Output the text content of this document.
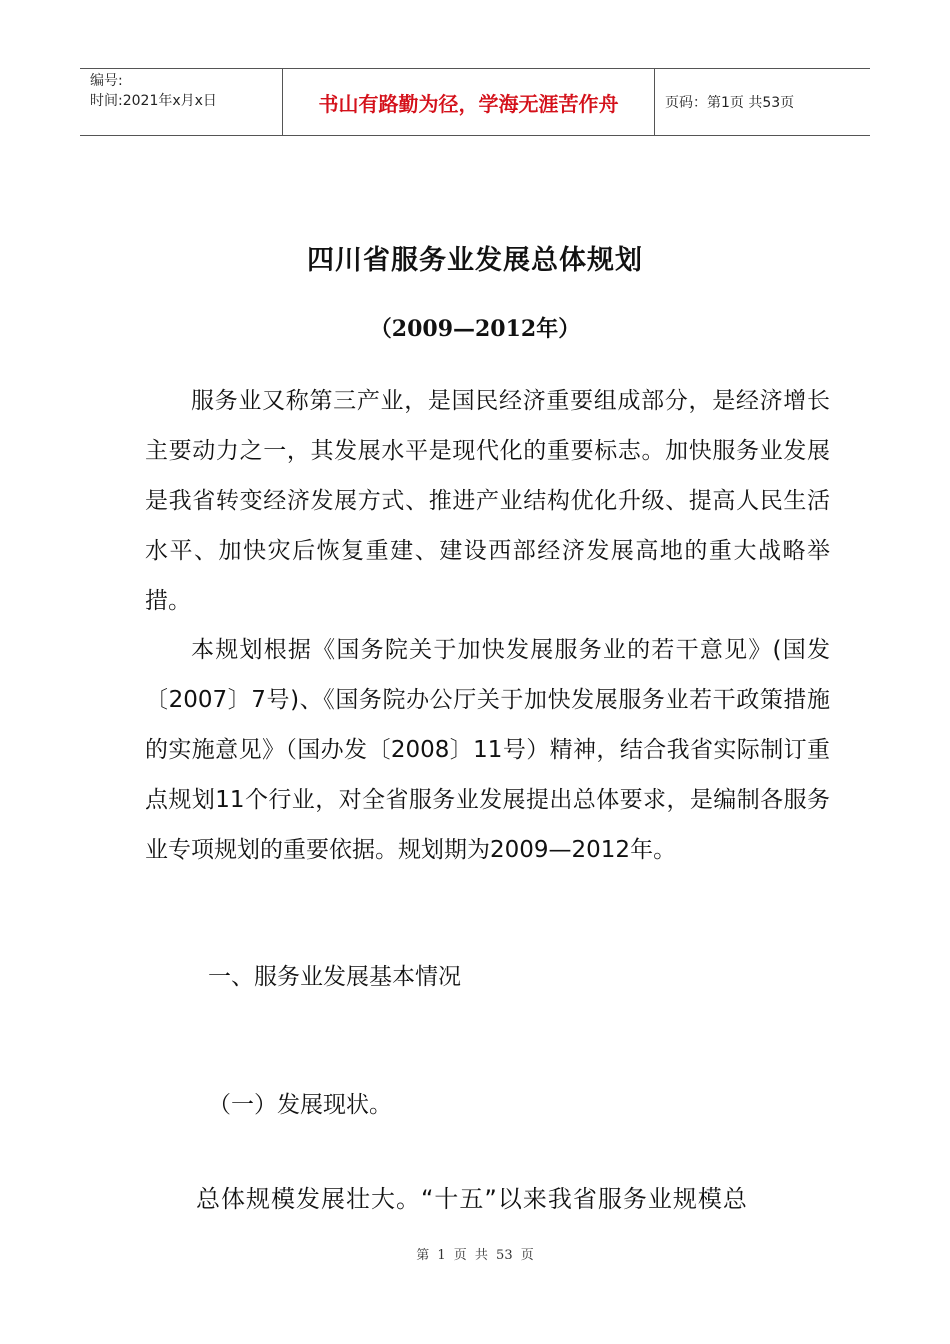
编号:
时间:2021年x月x日	书山有路勤为径，学海无涯苦作舟	页码：第1页 共53页
四川省服务业发展总体规划
（2009—2012年）

服务业又称第三产业，是国民经济重要组成部分，是经济增长主要动力之一，其发展水平是现代化的重要标志。加快服务业发展是我省转变经济发展方式、推进产业结构优化升级、提高人民生活水平、加快灾后恢复重建、建设西部经济发展高地的重大战略举措。

本规划根据《国务院关于加快发展服务业的若干意见》(国发〔2007〕7号)、《国务院办公厅关于加快发展服务业若干政策措施的实施意见》（国办发〔2008〕11号）精神，结合我省实际制订重点规划11个行业，对全省服务业发展提出总体要求，是编制各服务业专项规划的重要依据。规划期为2009—2012年。

一、服务业发展基本情况
（一）发展现状。
总体规模发展壮大。“十五”以来我省服务业规模总
第 1 页 共 53 页
